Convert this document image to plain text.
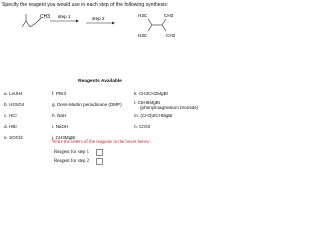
Specify the reagent you would use in each step of the following synthesis:
CH3 step 1	step 2
H3C	CH3
H3C	CH3
Reagents Available
a. LiAlH4
b. H2SO4
c. HCl
d. HBr
e. SOCl2
f. PBr3
g. Dess-Martin periodinane (DMP)
h. NaH
i. NaOH
j. CH3MgBr
k. CH3CH2MgBr
l. C6H5MgBr
(phenylmagnesium bromide)
m. (CH3)2CHMgBr
n. CrO3
Write the letters of the reagents in the boxes below:
Reagent for step 1
Reagent for step 2
